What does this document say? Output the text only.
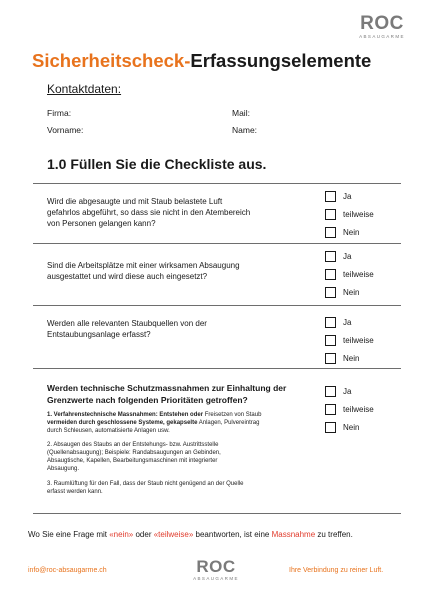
ROC
ABSAUGARME
Sicherheitscheck-Erfassungselemente
Kontaktdaten:
Firma:	Mail:
Vorname:	Name:
1.0 Füllen Sie die Checkliste aus.
Wird die abgesaugte und mit Staub belastete Luft
gefahrlos abgeführt, so dass sie nicht in den Atembereich
von Personen gelangen kann?
Ja
teilweise
Nein
Sind die Arbeitsplätze mit einer wirksamen Absaugung
ausgestattet und wird diese auch eingesetzt?
Ja
teilweise
Nein
Werden alle relevanten Staubquellen von der
Entstaubungsanlage erfasst?
Ja
teilweise
Nein
Werden technische Schutzmassnahmen zur Einhaltung der
Grenzwerte nach folgenden Prioritäten getroffen?
1. Verfahrenstechnische Massnahmen: Entstehen oder Freisetzen von Staub
vermeiden durch geschlossene Systeme, gekapselte Anlagen, Pulvereintrag
durch Schleusen, automatisierte Anlagen usw.
2. Absaugen des Staubs an der Entstehungs- bzw. Austrittsstelle
(Quellenabsaugung); Beispiele: Randabsaugungen an Gebinden,
Absaugtische, Kapellen, Bearbeitungsmaschinen mit integrierter
Absaugung.
3. Raumlüftung für den Fall, dass der Staub nicht genügend an der Quelle
erfasst werden kann.
Ja
teilweise
Nein
Wo Sie eine Frage mit «nein» oder «teilweise» beantworten, ist eine Massnahme zu treffen.
info@roc-absaugarme.ch	ROC
ABSAUGARME
Ihre Verbindung zu reiner Luft.
